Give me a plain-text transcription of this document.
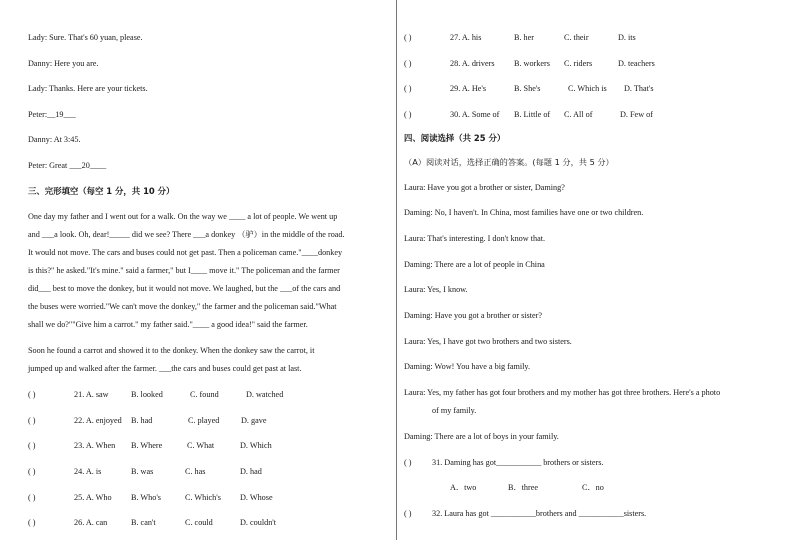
Lady: Sure. That's 60 yuan, please.
Danny: Here you are.
Lady: Thanks. Here are your tickets.
Peter:__19___
Danny: At 3:45.
Peter: Great ___20____
三、完形填空（每空 1 分，共 10 分）
One day my father and I went out for a walk. On the way we ____ a lot of people. We went up
and ___a look. Oh, dear!_____ did we see? There ___a donkey （驴）in the middle of the road.
It would not move. The cars and buses could not get past. Then a policeman came."____donkey
is this?" he asked."It's mine." said a farmer," but I____ move it." The policeman and the farmer
did___ best to move the donkey, but it would not move. We laughed, but the ___of the cars and
the buses were worried."We can't move the donkey," the farmer and the policeman said."What
shall we do?""Give him a carrot." my father said."____ a good idea!" said the farmer.
Soon he found a carrot and showed it to the donkey. When the donkey saw the carrot, it
jumped up and walked after the farmer. ___the cars and buses could get past at last.
( )	21. A. saw	B. looked	C. found	D. watched
( )	22. A. enjoyed B. had	C. played	D. gave
( )	23. A. When B. Where	C. What	D. Which
( )	24. A. is	B. was	C. has	D. had
( )	25. A. Who B. Who's	C. Which's D. Whose
( )	26. A. can	B. can't	C. could	D. couldn't
( )	27. A. his	B. her	C. their	D. its
( )	28. A. drivers B. workers C. riders	D. teachers
( )	29. A. He's	B. She's	C. Which is D. That's
( )	30. A. Some of B. Little of C. All of	D. Few of
四、阅读选择（共 25 分）
（A）阅读对话，选择正确的答案。(每题 1 分，共 5 分）
Laura: Have you got a brother or sister, Daming?
Daming: No, I haven't. In China, most families have one or two children.
Laura: That's interesting. I don't know that.
Daming: There are a lot of people in China
Laura: Yes, I know.
Daming: Have you got a brother or sister?
Laura: Yes, I have got two brothers and two sisters.
Daming: Wow! You have a big family.
Laura: Yes, my father has got four brothers and my mother has got three brothers. Here's a photo
of my family.
Daming: There are a lot of boys in your family.
( )	31. Daming has got___________ brothers or sisters.
A．two	B．three	C．no
( )	32. Laura has got ___________brothers and ___________sisters.
